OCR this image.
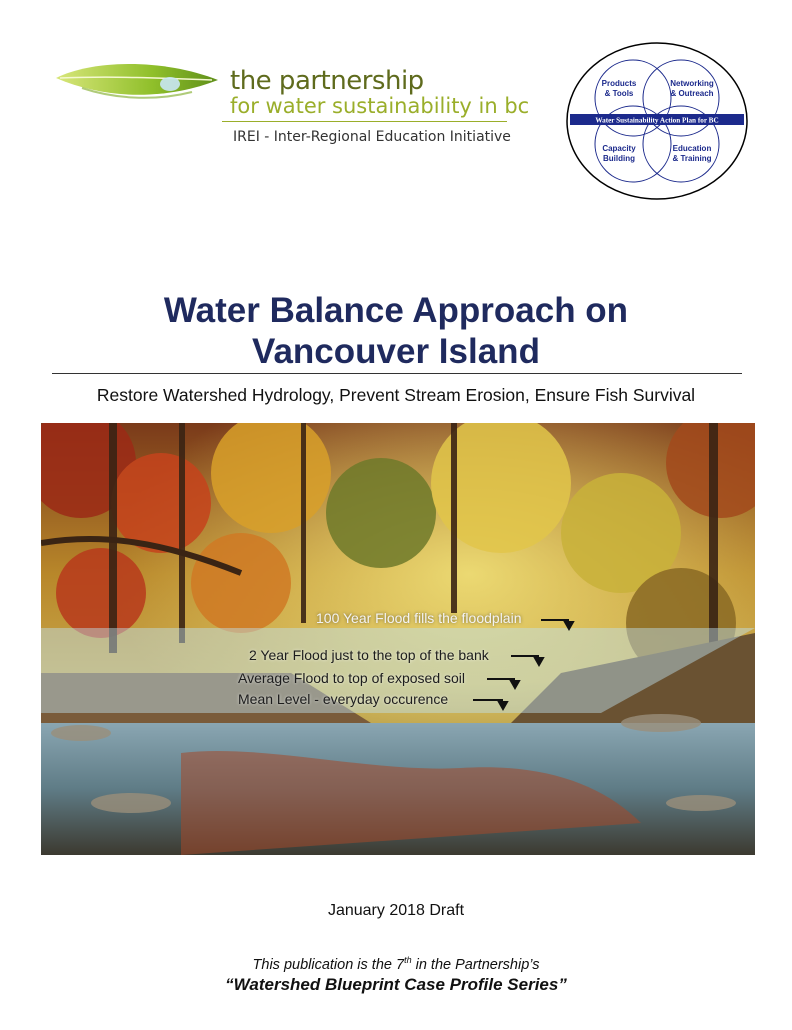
the partnership
for water sustainability in bc
IREI - Inter-Regional Education Initiative
Products
& Tools
Networking
& Outreach
Water Sustainability Action Plan for BC
Capacity
Building
Education
& Training
Water Balance Approach on
Vancouver Island
Restore Watershed Hydrology, Prevent Stream Erosion, Ensure Fish Survival
100 Year Flood fills the floodplain
2 Year Flood just to the top of the bank
Average Flood to top of exposed soil
Mean Level - everyday occurence
January 2018 Draft
This publication is the 7th in the Partnership’s
“Watershed Blueprint Case Profile Series”
